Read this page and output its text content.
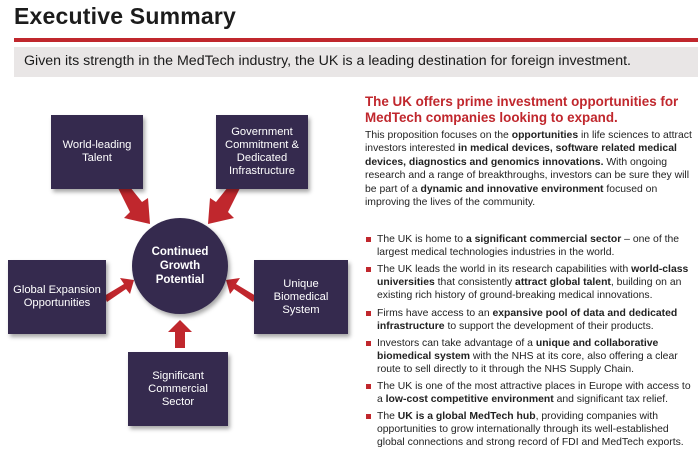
Executive Summary
Given its strength in the MedTech industry, the UK is a leading destination for foreign investment.
World-leading
Talent
Government
Commitment &
Dedicated
Infrastructure
Global Expansion
Opportunities
Unique
Biomedical
System
Significant
Commercial
Sector
Continued
Growth
Potential
The UK offers prime investment opportunities for MedTech companies looking to expand.
This proposition focuses on the opportunities in life sciences to attract investors interested in medical devices, software related medical devices, diagnostics and genomics innovations. With ongoing research and a range of breakthroughs, investors can be sure they will be part of a dynamic and innovative environment focused on improving the lives of the community.
The UK is home to a significant commercial sector – one of the largest medical technologies industries in the world.
The UK leads the world in its research capabilities with world-class universities that consistently attract global talent, building on an existing rich history of ground-breaking medical innovations.
Firms have access to an expansive pool of data and dedicated infrastructure to support the development of their products.
Investors can take advantage of a unique and collaborative biomedical system with the NHS at its core, also offering a clear route to sell directly to it through the NHS Supply Chain.
The UK is one of the most attractive places in Europe with access to a low-cost competitive environment and significant tax relief.
The UK is a global MedTech hub, providing companies with opportunities to grow internationally through its well-established global connections and strong record of FDI and MedTech exports.
